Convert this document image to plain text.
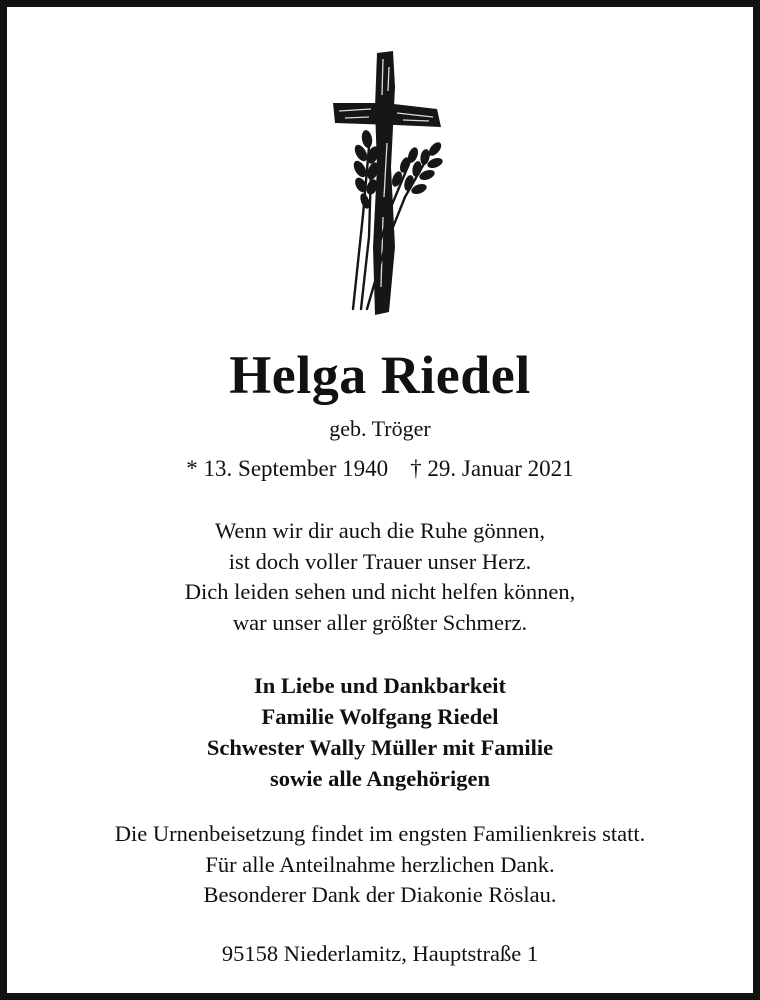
Helga Riedel
geb. Tröger
* 13. September 1940 † 29. Januar 2021
Wenn wir dir auch die Ruhe gönnen,
ist doch voller Trauer unser Herz.
Dich leiden sehen und nicht helfen können,
war unser aller größter Schmerz.
In Liebe und Dankbarkeit
Familie Wolfgang Riedel
Schwester Wally Müller mit Familie
sowie alle Angehörigen
Die Urnenbeisetzung findet im engsten Familienkreis statt.
Für alle Anteilnahme herzlichen Dank.
Besonderer Dank der Diakonie Röslau.
95158 Niederlamitz, Hauptstraße 1
